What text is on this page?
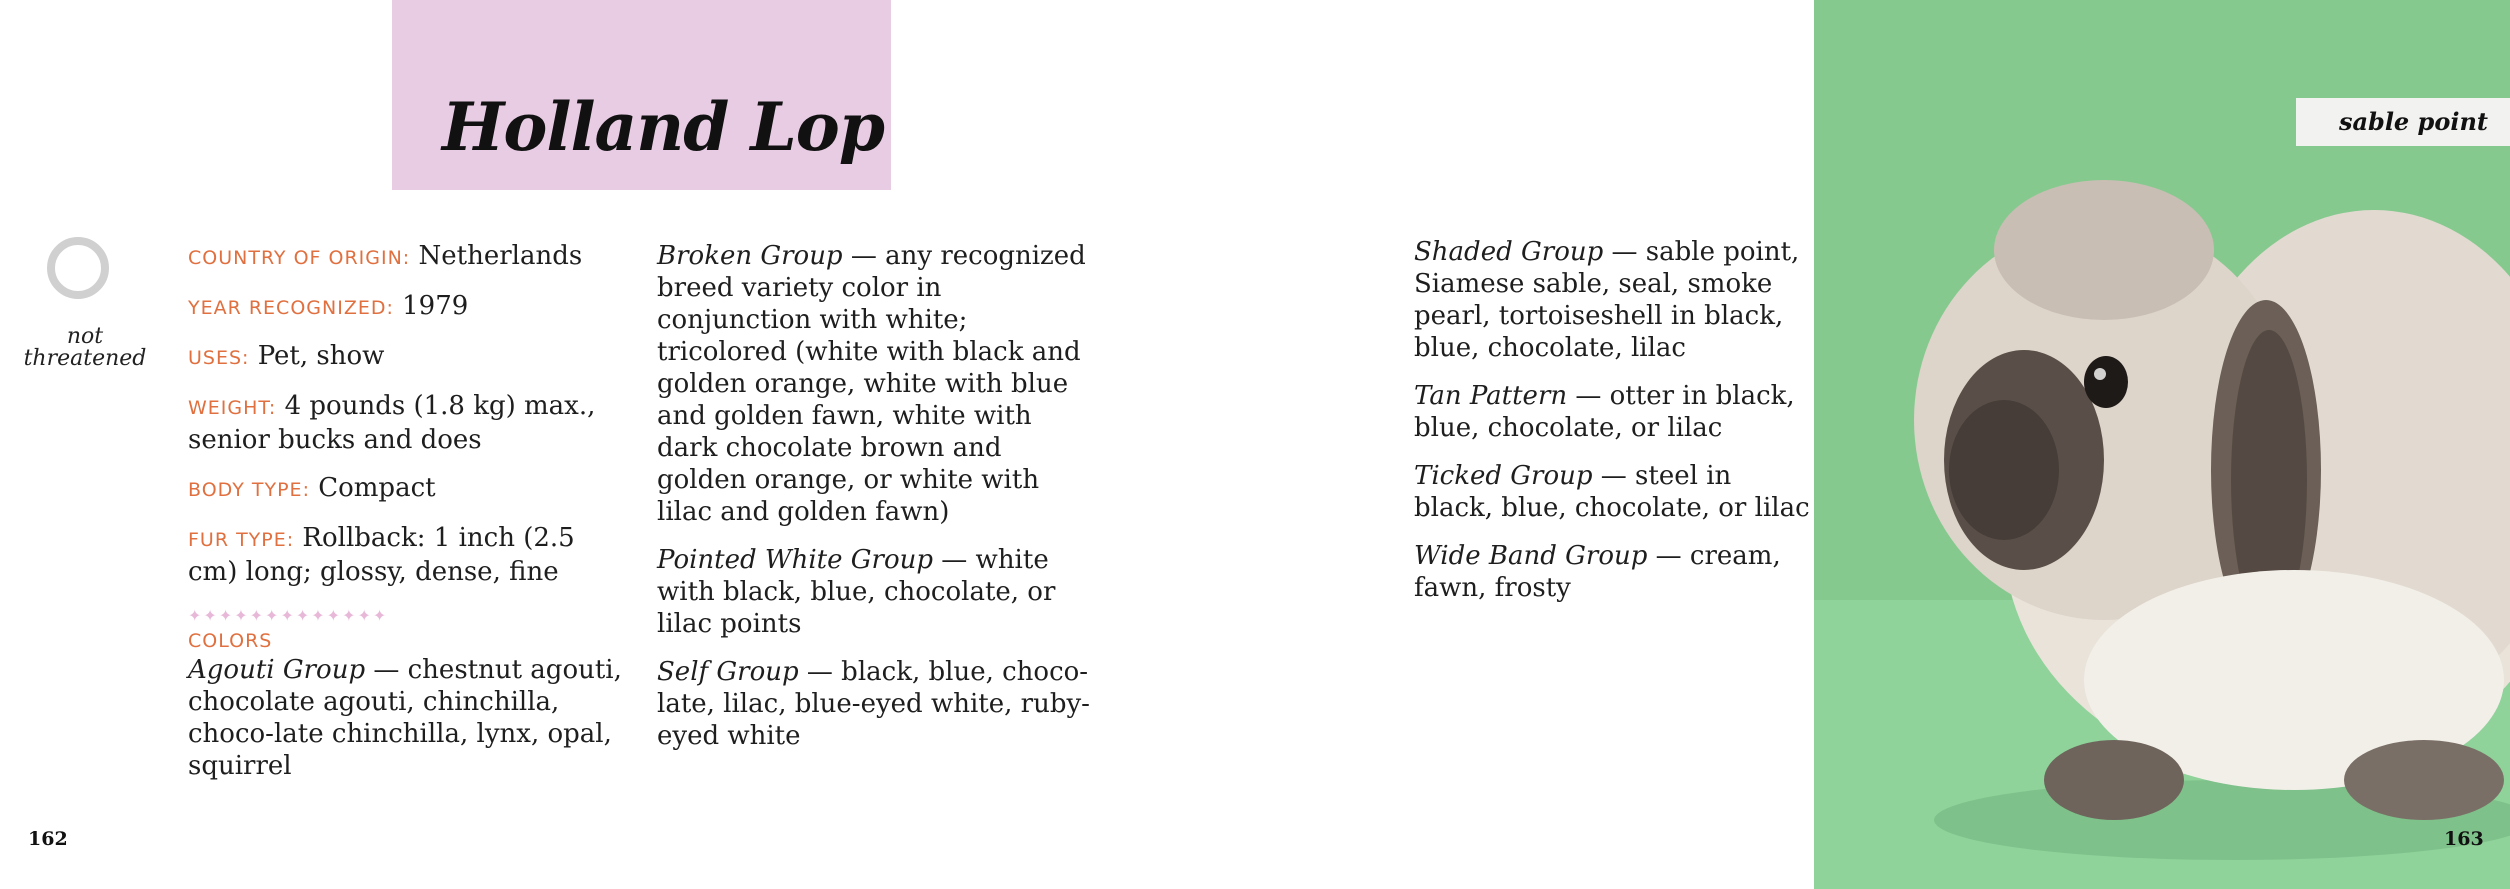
Holland Lop
not
threatened
COUNTRY OF ORIGIN: Netherlands
YEAR RECOGNIZED: 1979
USES: Pet, show
WEIGHT: 4 pounds (1.8 kg) max., senior bucks and does
BODY TYPE: Compact
FUR TYPE: Rollback: 1 inch (2.5 cm) long; glossy, dense, fine
✦✦✦✦✦✦✦✦✦✦✦✦✦
COLORS
Agouti Group — chestnut agouti, chocolate agouti, chinchilla, choco-late chinchilla, lynx, opal, squirrel
Broken Group — any recognized breed variety color in conjunction with white; tricolored (white with black and golden orange, white with blue and golden fawn, white with dark chocolate brown and golden orange, or white with lilac and golden fawn)
Pointed White Group — white with black, blue, chocolate, or lilac points
Self Group — black, blue, choco-late, lilac, blue-eyed white, ruby-eyed white
Shaded Group — sable point, Siamese sable, seal, smoke pearl, tortoiseshell in black, blue, chocolate, lilac
Tan Pattern — otter in black, blue, chocolate, or lilac
Ticked Group — steel in black, blue, chocolate, or lilac
Wide Band Group — cream, fawn, frosty
162
sable point
163
